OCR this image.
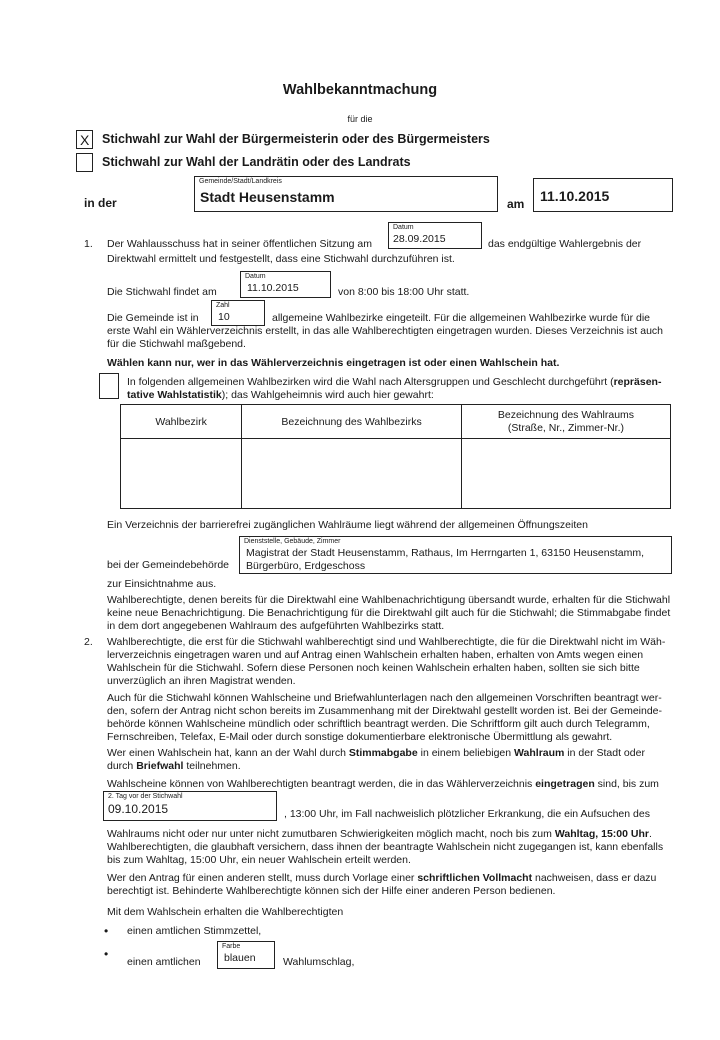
Wahlbekanntmachung
für die
X Stichwahl zur Wahl der Bürgermeisterin oder des Bürgermeisters
Stichwahl zur Wahl der Landrätin oder des Landrats
in der
Gemeinde/Stadt/Landkreis
Stadt Heusenstamm	am 11.10.2015
1. Der Wahlausschuss hat in seiner öffentlichen Sitzung am
Datum
28.09.2015	das endgültige Wahlergebnis der
Direktwahl ermittelt und festgestellt, dass eine Stichwahl durchzuführen ist.
Die Stichwahl findet am
Datum
11.10.2015	von 8:00 bis 18:00 Uhr statt.
Die Gemeinde ist in
Zahl
10	allgemeine Wahlbezirke eingeteilt. Für die allgemeinen Wahlbezirke wurde für die
erste Wahl ein Wählerverzeichnis erstellt, in das alle Wahlberechtigten eingetragen wurden. Dieses Verzeichnis ist auch
für die Stichwahl maßgebend.
Wählen kann nur, wer in das Wählerverzeichnis eingetragen ist oder einen Wahlschein hat.
In folgenden allgemeinen Wahlbezirken wird die Wahl nach Altersgruppen und Geschlecht durchgeführt (repräsen-
tative Wahlstatistik); das Wahlgeheimnis wird auch hier gewahrt:
Wahlbezirk	Bezeichnung des Wahlbezirks	Bezeichnung des Wahlraums
(Straße, Nr., Zimmer-Nr.)

Ein Verzeichnis der barrierefrei zugänglichen Wahlräume liegt während der allgemeinen Öffnungszeiten
bei der Gemeindebehörde
Dienststelle, Gebäude, Zimmer
Magistrat der Stadt Heusenstamm, Rathaus, Im Herrngarten 1, 63150 Heusenstamm,
Bürgerbüro, Erdgeschoss
zur Einsichtnahme aus.
Wahlberechtigte, denen bereits für die Direktwahl eine Wahlbenachrichtigung übersandt wurde, erhalten für die Stichwahl
keine neue Benachrichtigung. Die Benachrichtigung für die Direktwahl gilt auch für die Stichwahl; die Stimmabgabe findet
in dem dort angegebenen Wahlraum des aufgeführten Wahlbezirks statt.
2. Wahlberechtigte, die erst für die Stichwahl wahlberechtigt sind und Wahlberechtigte, die für die Direktwahl nicht im Wäh-
lerverzeichnis eingetragen waren und auf Antrag einen Wahlschein erhalten haben, erhalten von Amts wegen einen
Wahlschein für die Stichwahl. Sofern diese Personen noch keinen Wahlschein erhalten haben, sollten sie sich bitte
unverzüglich an ihren Magistrat wenden.
Auch für die Stichwahl können Wahlscheine und Briefwahlunterlagen nach den allgemeinen Vorschriften beantragt wer-
den, sofern der Antrag nicht schon bereits im Zusammenhang mit der Direktwahl gestellt worden ist. Bei der Gemeinde-
behörde können Wahlscheine mündlich oder schriftlich beantragt werden. Die Schriftform gilt auch durch Telegramm,
Fernschreiben, Telefax, E-Mail oder durch sonstige dokumentierbare elektronische Übermittlung als gewahrt.
Wer einen Wahlschein hat, kann an der Wahl durch Stimmabgabe in einem beliebigen Wahlraum in der Stadt oder
durch Briefwahl teilnehmen.
Wahlscheine können von Wahlberechtigten beantragt werden, die in das Wählerverzeichnis eingetragen sind, bis zum
2. Tag vor der Stichwahl
09.10.2015	, 13:00 Uhr, im Fall nachweislich plötzlicher Erkrankung, die ein Aufsuchen des
Wahlraums nicht oder nur unter nicht zumutbaren Schwierigkeiten möglich macht, noch bis zum Wahltag, 15:00 Uhr.
Wahlberechtigten, die glaubhaft versichern, dass ihnen der beantragte Wahlschein nicht zugegangen ist, kann ebenfalls
bis zum Wahltag, 15:00 Uhr, ein neuer Wahlschein erteilt werden.
Wer den Antrag für einen anderen stellt, muss durch Vorlage einer schriftlichen Vollmacht nachweisen, dass er dazu
berechtigt ist. Behinderte Wahlberechtigte können sich der Hilfe einer anderen Person bedienen.
Mit dem Wahlschein erhalten die Wahlberechtigten
• einen amtlichen Stimmzettel,
•
einen amtlichen
Farbe
blauen	Wahlumschlag,
